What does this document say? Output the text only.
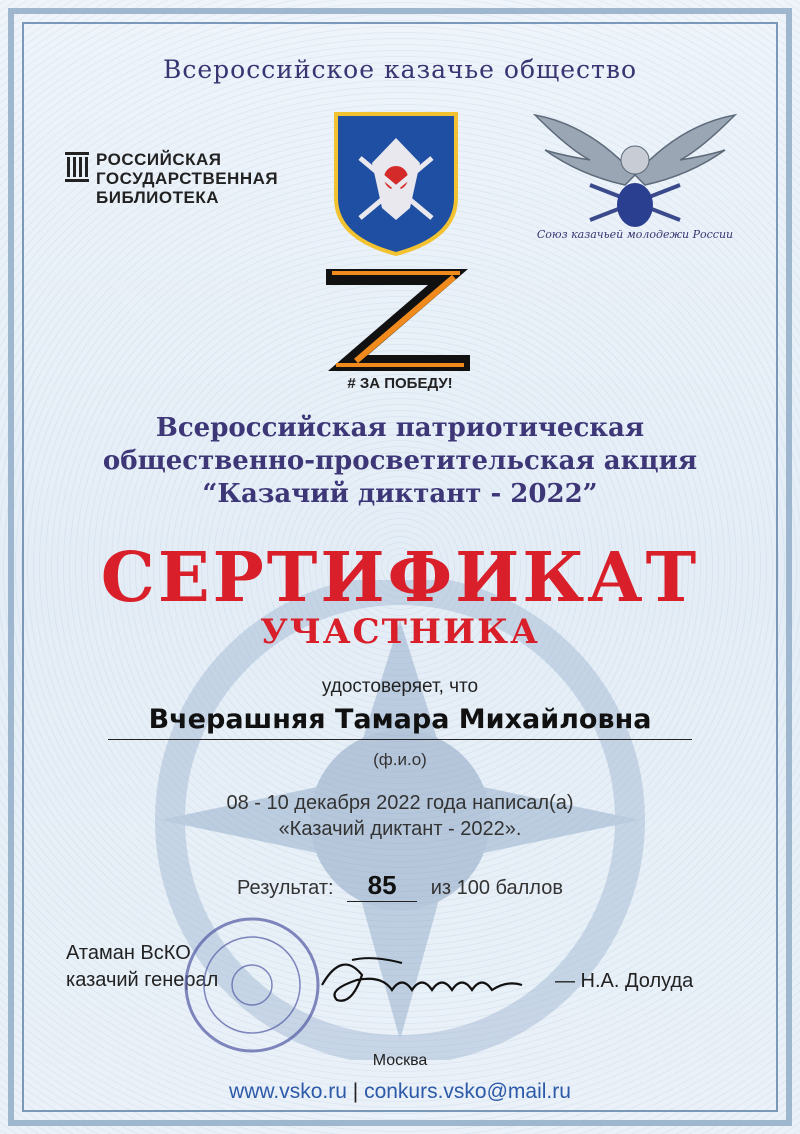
Всероссийское казачье общество
РОССИЙСКАЯ
ГОСУДАРСТВЕННАЯ
БИБЛИОТЕКА
Союз казачьей молодежи России
# ЗА ПОБЕДУ!
Всероссийская патриотическая
общественно-просветительская акция
“Казачий диктант - 2022”
СЕРТИФИКАТ
УЧАСТНИКА
удостоверяет, что
Вчерашняя Тамара Михайловна
(ф.и.о)
08 - 10 декабря 2022 года написал(а)
«Казачий диктант - 2022».
Результат: 85 из 100 баллов
Атаман ВсКО
казачий генерал	— Н.А. Долуда
Москва
www.vsko.ru | conkurs.vsko@mail.ru
